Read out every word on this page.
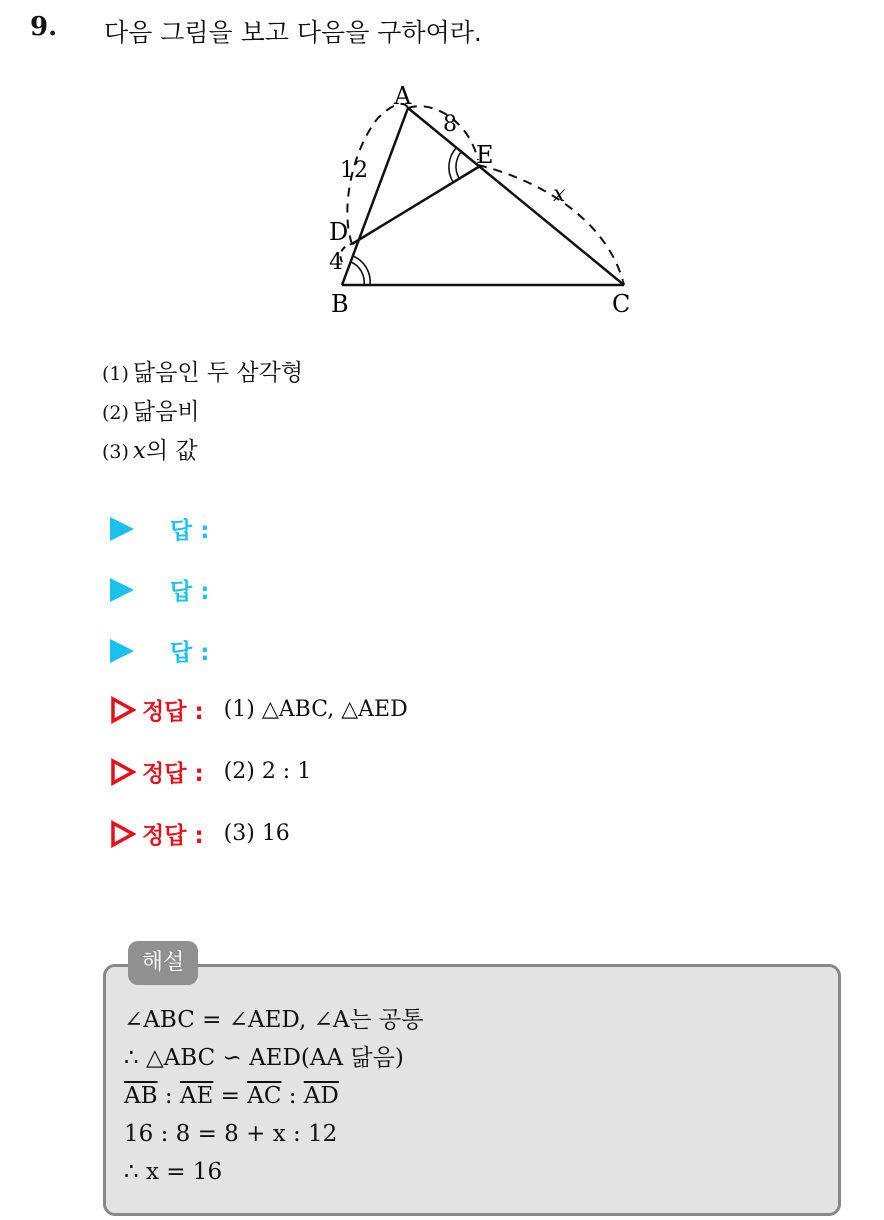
9. 다음 그림을 보고 다음을 구하여라.
A
B	C
D
E
8
12
4
x
(1) 닮음인 두 삼각형
(2) 닮음비
(3) x의 값
답 :
답 :
답 :
정답 : (1) △ABC, △AED
정답 : (2) 2 : 1
정답 : (3) 16
해설
∠ABC = ∠AED, ∠A는 공통
∴ △ABC ∽ AED(AA 닮음)
$\overline{AB}$ : $\overline{AE} = \overline{AC}$ : $\overline{AD}$
16 : 8 = 8 + x : 12
∴ x = 16
